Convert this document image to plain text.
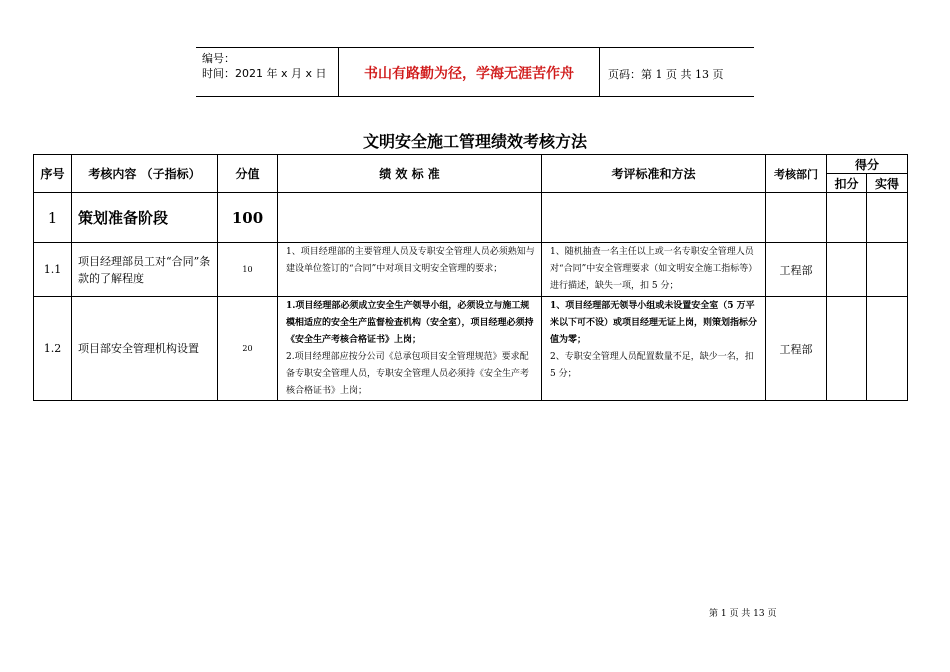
编号：
时间：2021 年 x 月 x 日	书山有路勤为径，学海无涯苦作舟	页码：第 1 页 共 13 页
文明安全施工管理绩效考核方法
序号	考核内容 （子指标）	分值	绩 效 标 准	考评标准和方法	考核部门	得分	
						扣分	实得
1	策划准备阶段	100					
1.1	项目经理部员工对“合同”条款的了解程度	10	1、项目经理部的主要管理人员及专职安全管理人员必须熟知与建设单位签订的“合同”中对项目文明安全管理的要求；	1、随机抽查一名主任以上或一名专职安全管理人员对“合同”中安全管理要求（如文明安全施工指标等）进行描述，缺失一项，扣 5 分；	工程部		
1.2	项目部安全管理机构设置	20	1.项目经理部必须成立安全生产领导小组，必须设立与施工规模相适应的安全生产监督检查机构（安全室），项目经理必须持《安全生产考核合格证书》上岗；
2.项目经理部应按分公司《总承包项目安全管理规范》要求配备专职安全管理人员，专职安全管理人员必须持《安全生产考核合格证书》上岗；	1、项目经理部无领导小组或未设置安全室（5 万平米以下可不设）或项目经理无证上岗，则策划指标分值为零；
2、专职安全管理人员配置数量不足，缺少一名，扣 5 分；	工程部		
第 1 页 共 13 页
